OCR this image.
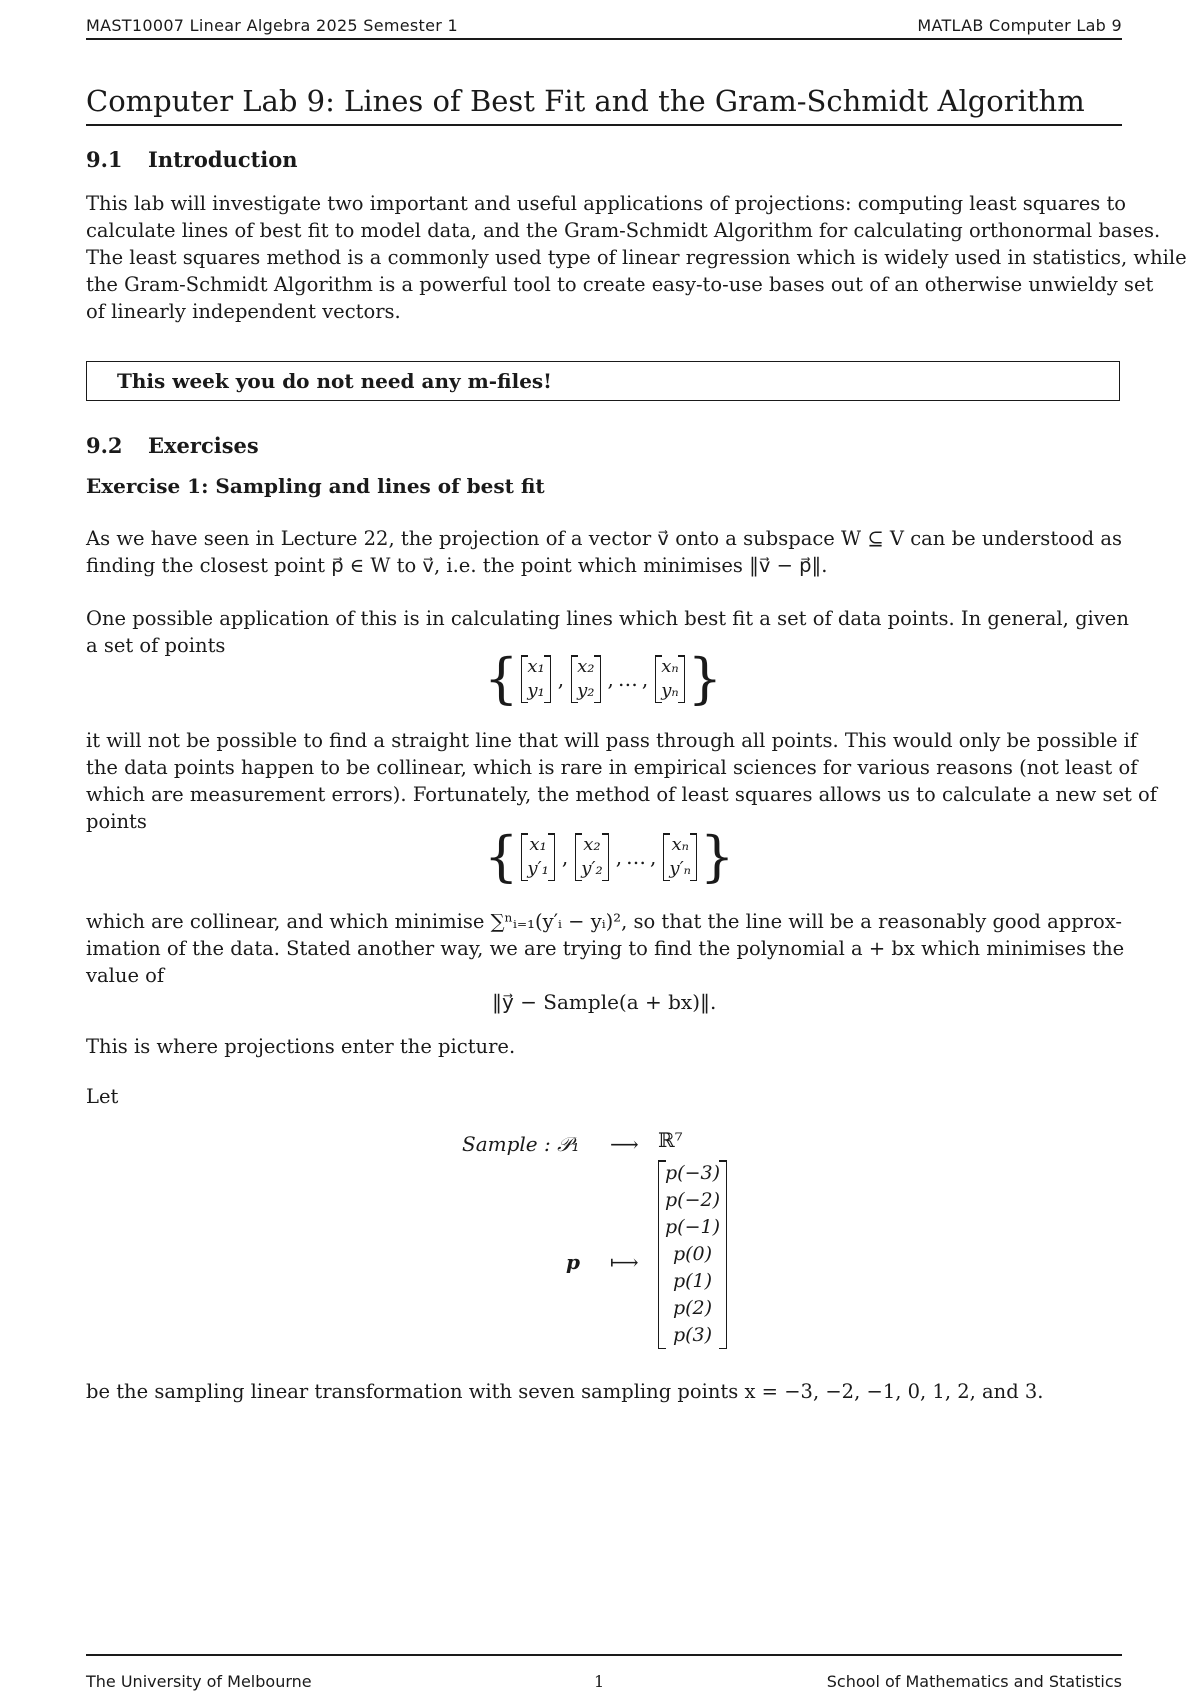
MAST10007 Linear Algebra 2025 Semester 1	MATLAB Computer Lab 9
Computer Lab 9: Lines of Best Fit and the Gram-Schmidt Algorithm
9.1 Introduction
This lab will investigate two important and useful applications of projections: computing least squares to
calculate lines of best fit to model data, and the Gram-Schmidt Algorithm for calculating orthonormal bases.
The least squares method is a commonly used type of linear regression which is widely used in statistics, while
the Gram-Schmidt Algorithm is a powerful tool to create easy-to-use bases out of an otherwise unwieldy set
of linearly independent vectors.
This week you do not need any m-files!
9.2 Exercises
Exercise 1: Sampling and lines of best fit
As we have seen in Lecture 22, the projection of a vector v⃗ onto a subspace W ⊆ V can be understood as
finding the closest point p⃗ ∈ W to v⃗, i.e. the point which minimises ‖v⃗ − p⃗‖.
One possible application of this is in calculating lines which best fit a set of data points. In general, given
a set of points
{ x₁
y₁ ,
x₂
y₂ , … ,
xₙ
yₙ }
it will not be possible to find a straight line that will pass through all points. This would only be possible if
the data points happen to be collinear, which is rare in empirical sciences for various reasons (not least of
which are measurement errors). Fortunately, the method of least squares allows us to calculate a new set of
points
{ x₁
y′₁ ,
x₂
y′₂ , … ,
xₙ
y′ₙ }
which are collinear, and which minimise ∑ⁿᵢ₌₁(y′ᵢ − yᵢ)², so that the line will be a reasonably good approx-
imation of the data. Stated another way, we are trying to find the polynomial a + bx which minimises the
value of
‖y⃗ − Sample(a + bx)‖.
This is where projections enter the picture.
Let
Sample : 𝒫₁ ⟶ ℝ⁷
p ⟼
p(−3)
p(−2)
p(−1)
p(0)
p(1)
p(2)
p(3)
be the sampling linear transformation with seven sampling points x = −3, −2, −1, 0, 1, 2, and 3.
The University of Melbourne	1	School of Mathematics and Statistics
